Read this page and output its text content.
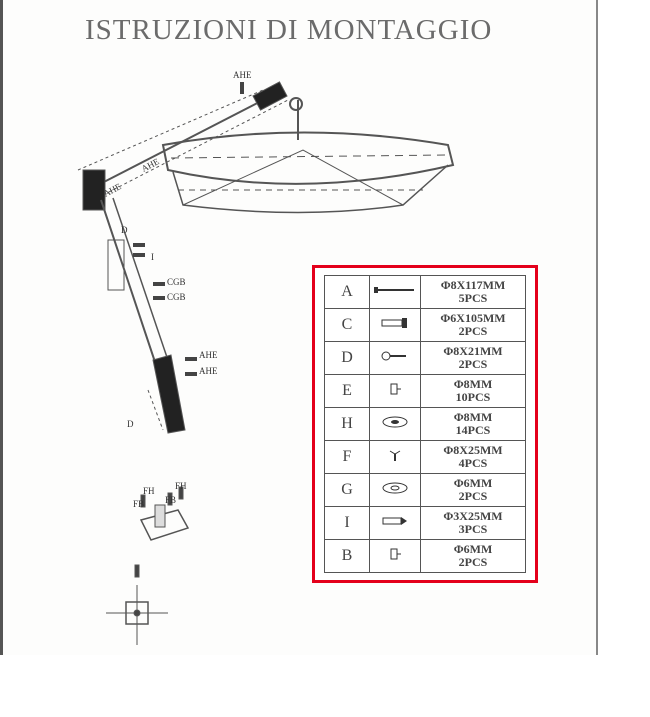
ISTRUZIONI DI MONTAGGIO
AHE
AHE
AHE
D
I
CGB
CGB
AHE
AHE
D
FH FH
FB FB
A		Φ8X117MM
5PCS

C		Φ6X105MM
2PCS

D		Φ8X21MM
2PCS

E		Φ8MM
10PCS

H		Φ8MM
14PCS

F		Φ8X25MM
4PCS

G		Φ6MM
2PCS

I		Φ3X25MM
3PCS

B		Φ6MM
2PCS
